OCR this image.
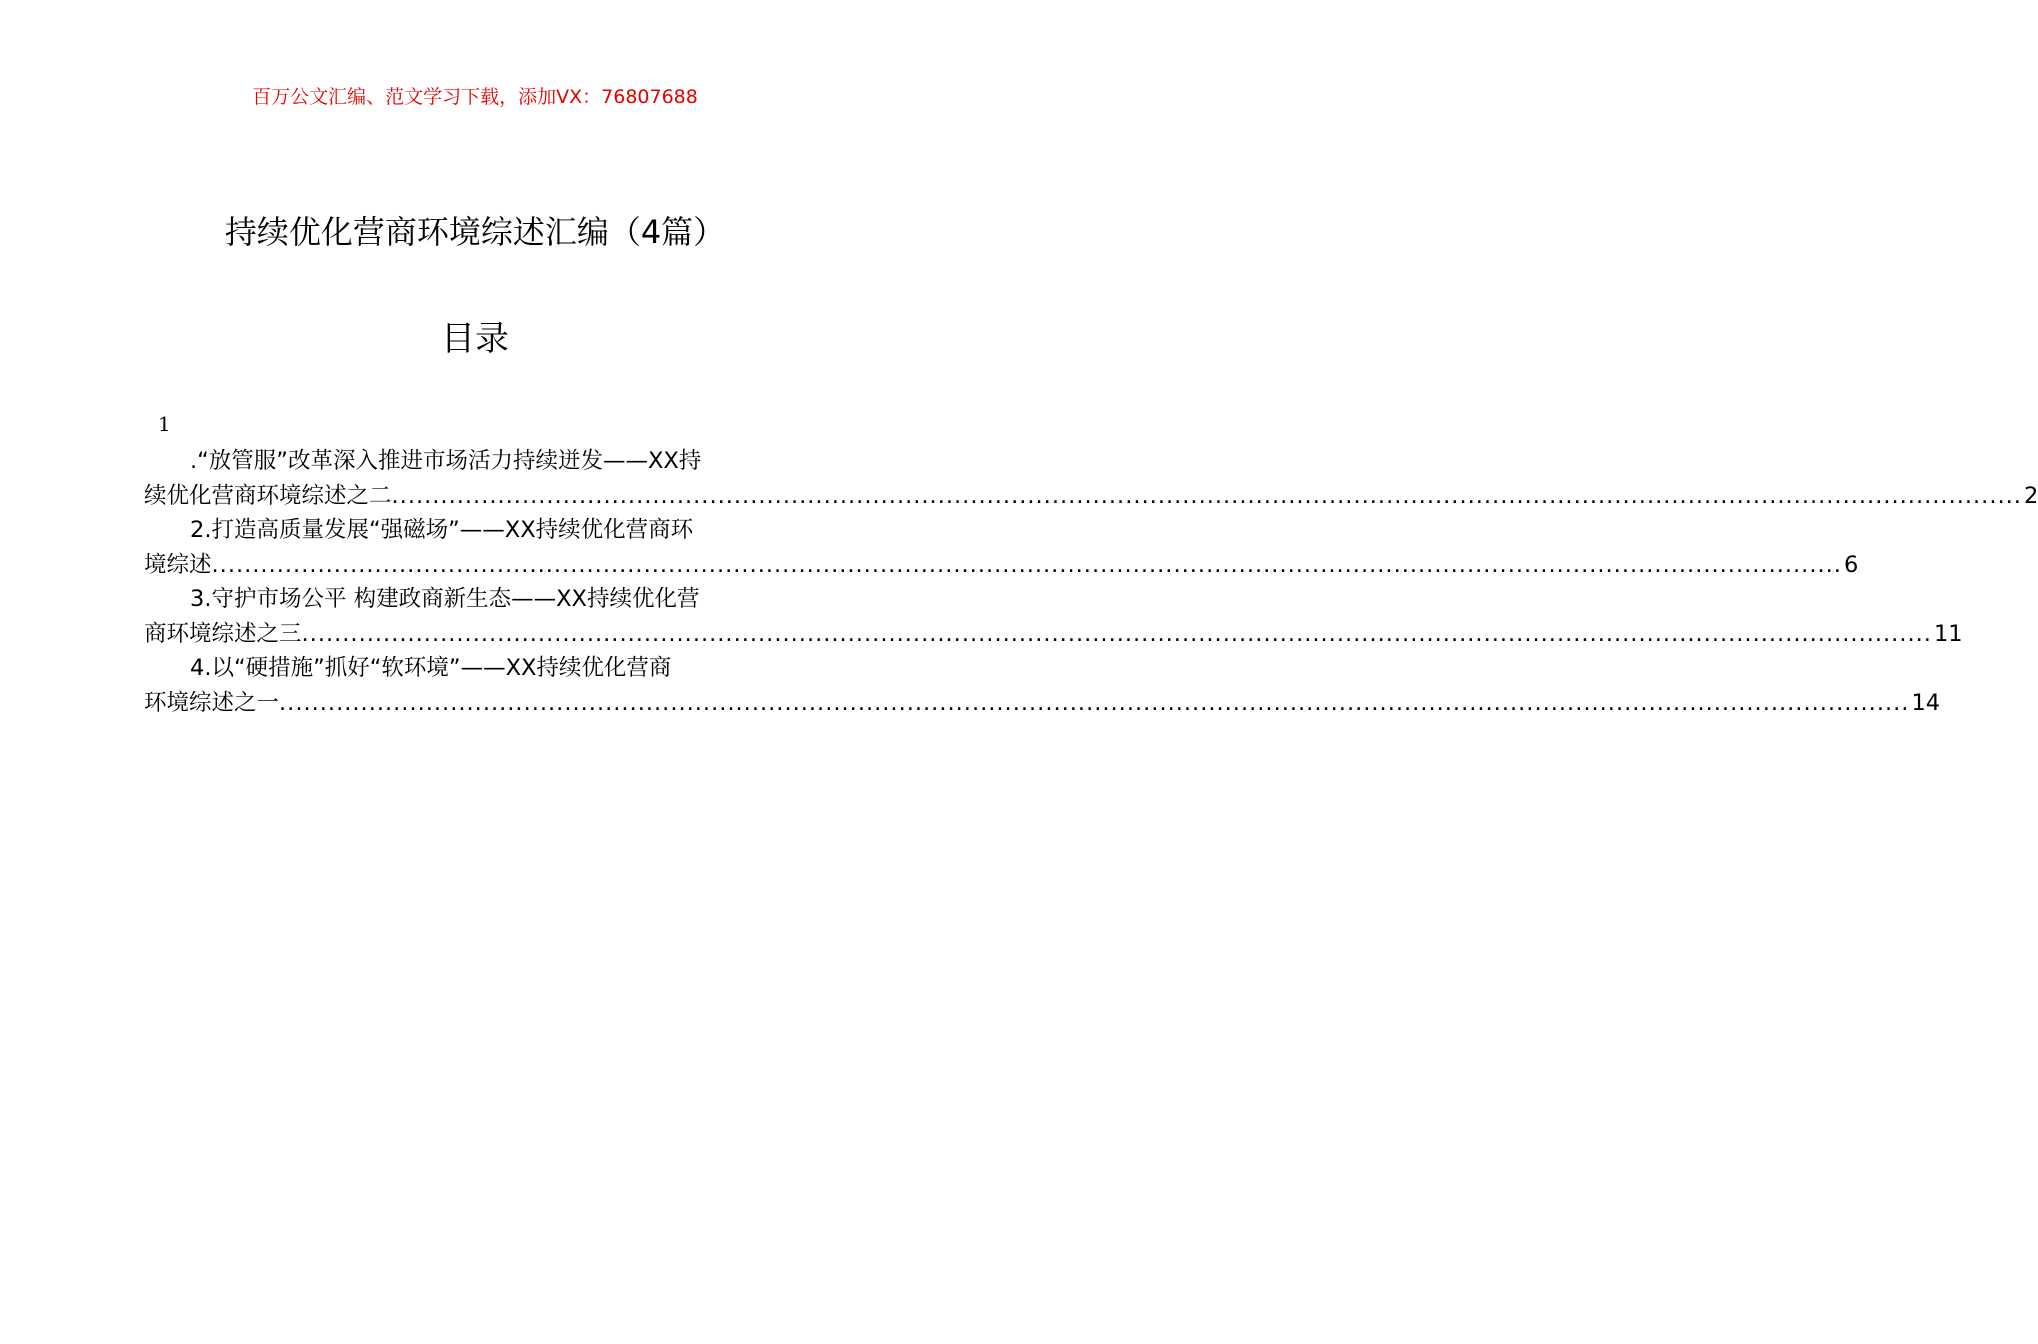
百万公文汇编、范文学习下载，添加VX：76807688
持续优化营商环境综述汇编（4篇）
目录
1
.“放管服”改革深入推进市场活力持续迸发——XX持
续优化营商环境综述之二 ........................................................................................................................................................................................................ 2
2.打造高质量发展“强磁场”——XX持续优化营商环
境综述 ........................................................................................................................................................................................................ 6
3.守护市场公平 构建政商新生态——XX持续优化营
商环境综述之三 ........................................................................................................................................................................................................ 11
4.以“硬措施”抓好“软环境”——XX持续优化营商
环境综述之一 ........................................................................................................................................................................................................ 14
